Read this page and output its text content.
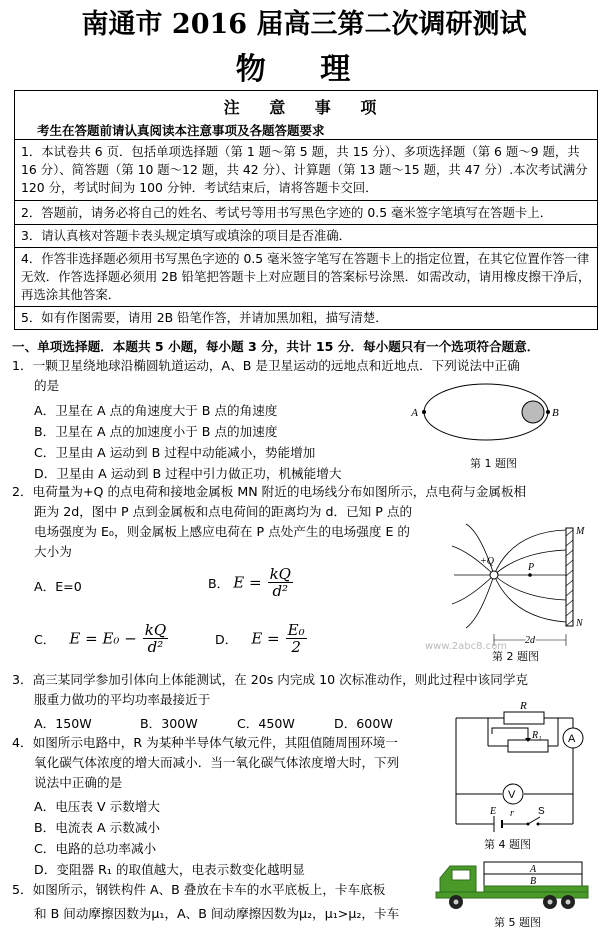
南通市 2016 届高三第二次调研测试
物 理
注 意 事 项
考生在答题前请认真阅读本注意事项及各题答题要求
1．本试卷共 6 页．包括单项选择题（第 1 题～第 5 题，共 15 分）、多项选择题（第 6 题～9 题，共 16 分）、简答题（第 10 题～12 题，共 42 分）、计算题（第 13 题～15 题，共 47 分）.本次考试满分 120 分，考试时间为 100 分钟．考试结束后，请将答题卡交回．
2．答题前，请务必将自己的姓名、考试号等用书写黑色字迹的 0.5 毫米签字笔填写在答题卡上．
3．请认真核对答题卡表头规定填写或填涂的项目是否准确．
4．作答非选择题必须用书写黑色字迹的 0.5 毫米签字笔写在答题卡上的指定位置，在其它位置作答一律无效．作答选择题必须用 2B 铅笔把答题卡上对应题目的答案标号涂黑．如需改动，请用橡皮擦干净后，再选涂其他答案．
5．如有作图需要，请用 2B 铅笔作答，并请加黑加粗，描写清楚．
一、单项选择题．本题共 5 小题，每小题 3 分，共计 15 分．每小题只有一个选项符合题意．
1．一颗卫星绕地球沿椭圆轨道运动，A、B 是卫星运动的远地点和近地点．下列说法中正确
的是
A．卫星在 A 点的角速度大于 B 点的角速度
B．卫星在 A 点的加速度小于 B 点的加速度
C．卫星由 A 运动到 B 过程中动能减小，势能增加
D．卫星由 A 运动到 B 过程中引力做正功，机械能增大
A	B
第 1 题图
2．电荷量为+Q 的点电荷和接地金属板 MN 附近的电场线分布如图所示，点电荷与金属板相
距为 2d，图中 P 点到金属板和点电荷间的距离均为 d．已知 P 点的
电场强度为 E₀，则金属板上感应电荷在 P 点处产生的电场强度 E 的
大小为
A．E=0	B． $E = \frac{kQ}{\text{d²}}$
C． $E = E_0 - \frac{kQ}{\text{d²}}$	D． $E = \frac{\text{E₀}}{2}$
+Q
P
M
N
2d
www.2abc8.com
第 2 题图
3．高三某同学参加引体向上体能测试，在 20s 内完成 10 次标准动作，则此过程中该同学克
服重力做功的平均功率最接近于
A．150W	B．300W	C．450W	D．600W
4．如图所示电路中，R 为某种半导体气敏元件，其阻值随周围环境一
氧化碳气体浓度的增大而减小．当一氧化碳气体浓度增大时，下列
说法中正确的是
A．电压表 V 示数增大
B．电流表 A 示数减小
C．电路的总功率减小
D．变阻器 R₁ 的取值越大，电表示数变化越明显
R
R₁ A
V
E r S
第 4 题图
5．如图所示，钢铁构件 A、B 叠放在卡车的水平底板上，卡车底板
和 B 间动摩擦因数为μ₁，A、B 间动摩擦因数为μ₂，μ₁>μ₂，卡车
A
B
第 5 题图
